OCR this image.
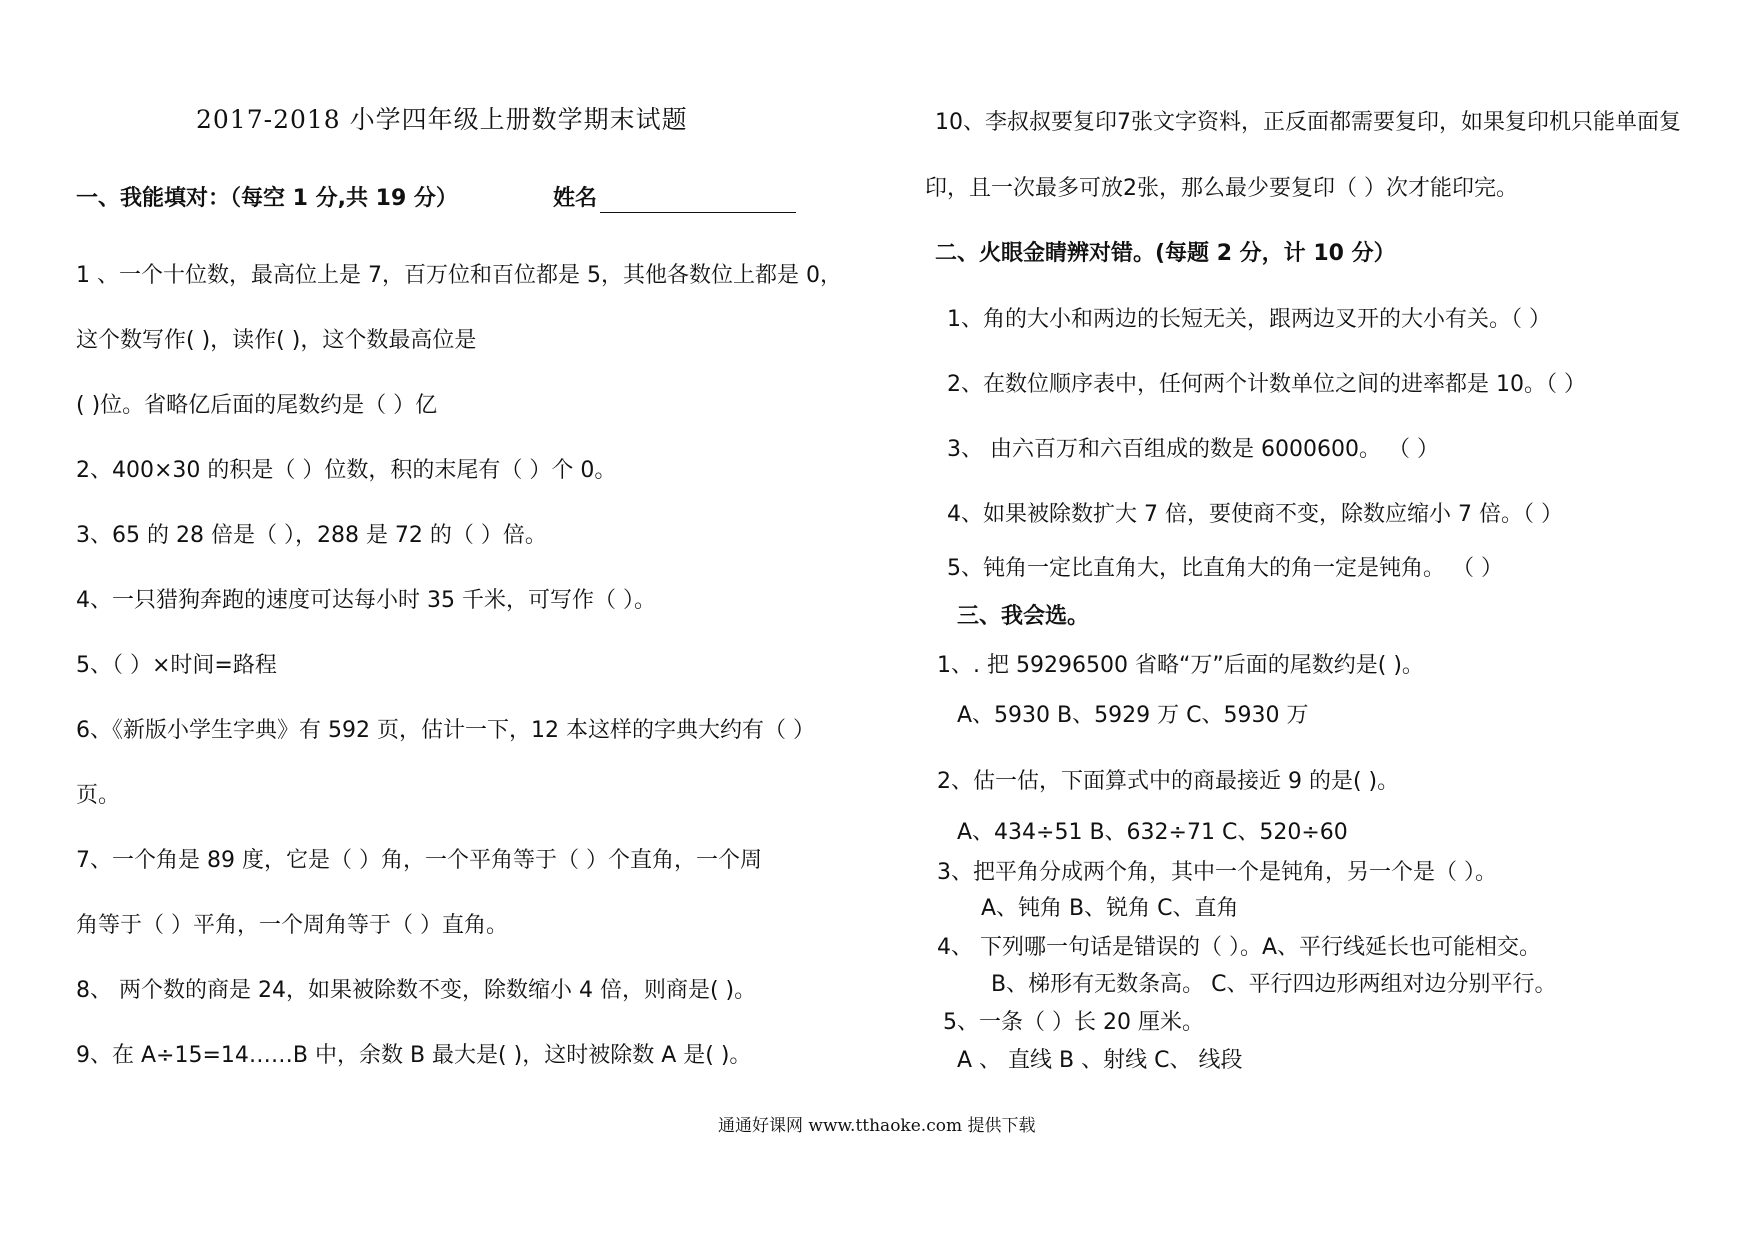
2017-2018 小学四年级上册数学期末试题
一、我能填对：（每空 1 分,共 19 分）	姓名
1 、一个十位数，最高位上是 7，百万位和百位都是 5，其他各数位上都是 0，
这个数写作( )，读作( )，这个数最高位是
( )位。省略亿后面的尾数约是（ ）亿
2、400×30 的积是（ ）位数，积的末尾有（ ）个 0。
3、65 的 28 倍是（ ），288 是 72 的（ ）倍。
4、一只猎狗奔跑的速度可达每小时 35 千米，可写作（ ）。
5、（ ）×时间=路程
6、《新版小学生字典》有 592 页，估计一下，12 本这样的字典大约有（ ）
页。
7、一个角是 89 度，它是（ ）角，一个平角等于（ ）个直角，一个周
角等于（ ）平角，一个周角等于（ ）直角。
8、 两个数的商是 24，如果被除数不变，除数缩小 4 倍，则商是( )。
9、在 A÷15=14……B 中，余数 B 最大是( )，这时被除数 A 是( )。
10、李叔叔要复印7张文字资料，正反面都需要复印，如果复印机只能单面复
印，且一次最多可放2张，那么最少要复印（ ）次才能印完。
二、火眼金睛辨对错。(每题 2 分，计 10 分）
1、角的大小和两边的长短无关，跟两边叉开的大小有关。（ ）
2、在数位顺序表中，任何两个计数单位之间的进率都是 10。（ ）
3、 由六百万和六百组成的数是 6000600。 （ ）
4、如果被除数扩大 7 倍，要使商不变，除数应缩小 7 倍。（ ）
5、钝角一定比直角大，比直角大的角一定是钝角。 （ ）
三、我会选。
1、. 把 59296500 省略“万”后面的尾数约是( )。
A、5930 B、5929 万 C、5930 万
2、估一估，下面算式中的商最接近 9 的是( )。
A、434÷51 B、632÷71 C、520÷60
3、把平角分成两个角，其中一个是钝角，另一个是（ ）。
A、钝角 B、锐角 C、直角
4、 下列哪一句话是错误的（ ）。A、平行线延长也可能相交。
B、梯形有无数条高。 C、平行四边形两组对边分别平行。
5、一条（ ）长 20 厘米。
A 、 直线 B 、射线 C、 线段
通通好课网 www.tthaoke.com 提供下载
